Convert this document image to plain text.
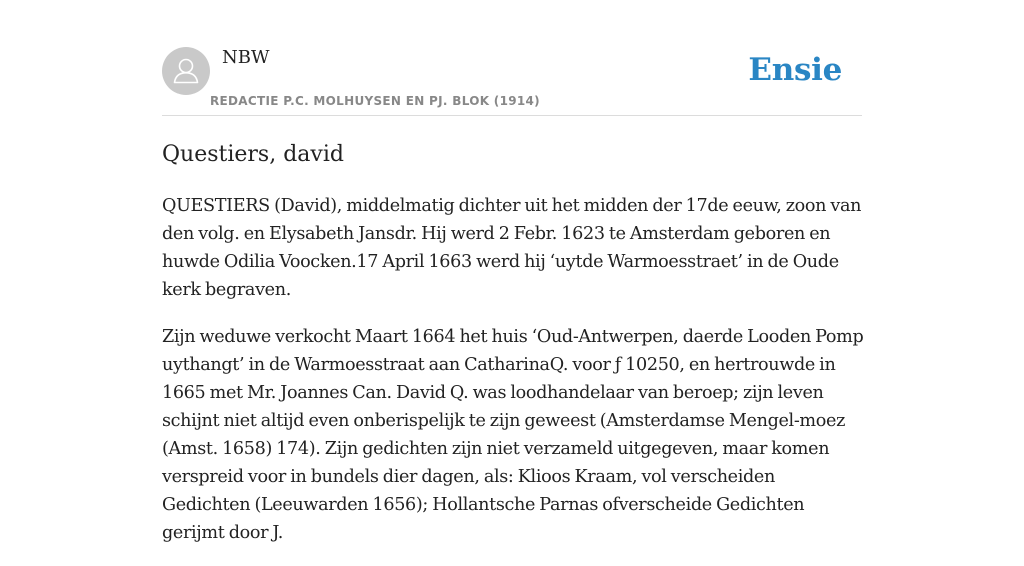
NBW
REDACTIE P.C. MOLHUYSEN EN PJ. BLOK (1914)
Ensie
Questiers, david

QUESTIERS (David), middelmatig dichter uit het midden der 17de eeuw, zoon van den volg. en Elysabeth Jansdr. Hij werd 2 Febr. 1623 te Amsterdam geboren en huwde Odilia Voocken.17 April 1663 werd hij ‘uytde Warmoesstraet’ in de Oude kerk begraven.

Zijn weduwe verkocht Maart 1664 het huis ‘Oud-Antwerpen, daerde Looden Pomp uythangt’ in de Warmoesstraat aan CatharinaQ. voor ƒ 10250, en hertrouwde in 1665 met Mr. Joannes Can. David Q. was loodhandelaar van beroep; zijn leven schijnt niet altijd even onberispelijk te zijn geweest (Amsterdamse Mengel-moez (Amst. 1658) 174). Zijn gedichten zijn niet verzameld uitgegeven, maar komen verspreid voor in bundels dier dagen, als: Klioos Kraam, vol verscheiden Gedichten (Leeuwarden 1656); Hollantsche Parnas ofverscheide Gedichten gerijmt door J.
